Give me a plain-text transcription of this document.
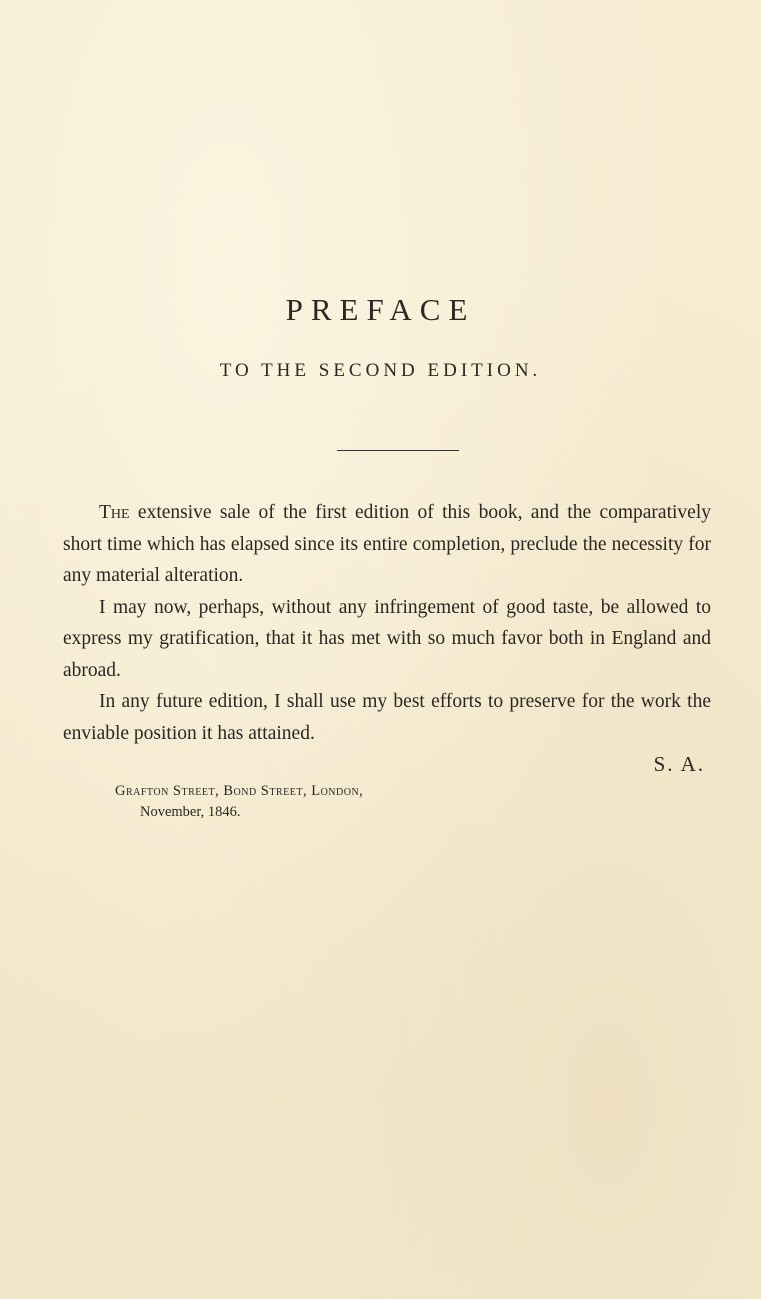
PREFACE
TO THE SECOND EDITION.

The extensive sale of the first edition of this book, and the comparatively short time which has elapsed since its entire completion, preclude the necessity for any material alteration.

I may now, perhaps, without any infringement of good taste, be allowed to express my gratification, that it has met with so much favor both in England and abroad.

In any future edition, I shall use my best efforts to preserve for the work the enviable position it has attained.

S. A.
Grafton Street, Bond Street, London,
November, 1846.
